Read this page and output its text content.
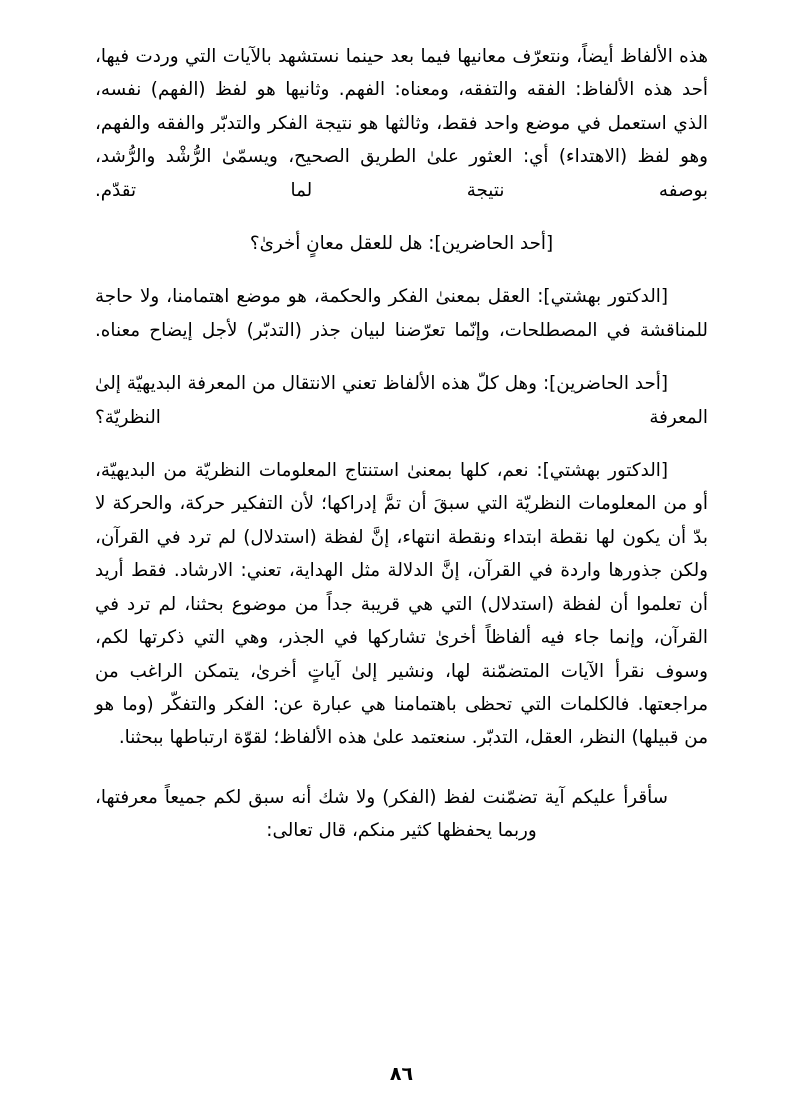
هذه الألفاظ أيضاً، ونتعرّف معانيها فيما بعد حينما نستشهد بالآيات التي وردت فيها، أحد هذه الألفاظ: الفقه والتفقه، ومعناه: الفهم. وثانيها هو لفظ (الفهم) نفسه، الذي استعمل في موضع واحد فقط، وثالثها هو نتيجة الفكر والتدبّر والفقه والفهم، وهو لفظ (الاهتداء) أي: العثور علىٰ الطريق الصحيح، ويسمّىٰ الرُّشْد والرُّشد، بوصفه نتيجة لما تقدّم.

[أحد الحاضرين]: هل للعقل معانٍ أخرىٰ؟

[الدكتور بهشتي]: العقل بمعنىٰ الفكر والحكمة، هو موضع اهتمامنا، ولا حاجة للمناقشة في المصطلحات، وإنّما تعرّضنا لبيان جذر (التدبّر) لأجل إيضاح معناه.

[أحد الحاضرين]: وهل كلّ هذه الألفاظ تعني الانتقال من المعرفة البديهيّة إلىٰ المعرفة النظريّة؟

[الدكتور بهشتي]: نعم، كلها بمعنىٰ استنتاج المعلومات النظريّة من البديهيّة، أو من المعلومات النظريّة التي سبقَ أن تمَّ إدراكها؛ لأن التفكير حركة، والحركة لا بدّ أن يكون لها نقطة ابتداء ونقطة انتهاء، إنَّ لفظة (استدلال) لم ترد في القرآن، ولكن جذورها واردة في القرآن، إنَّ الدلالة مثل الهداية، تعني: الارشاد. فقط أريد أن تعلموا أن لفظة (استدلال) التي هي قريبة جداً من موضوع بحثنا، لم ترد في القرآن، وإنما جاء فيه ألفاظاً أخرىٰ تشاركها في الجذر، وهي التي ذكرتها لكم، وسوف نقرأ الآيات المتضمّنة لها، ونشير إلىٰ آياتٍ أخرىٰ، يتمكن الراغب من مراجعتها. فالكلمات التي تحظى باهتمامنا هي عبارة عن: الفكر والتفكّر (وما هو من قبيلها) النظر، العقل، التدبّر. سنعتمد علىٰ هذه الألفاظ؛ لقوّة ارتباطها ببحثنا.

سأقرأ عليكم آية تضمّنت لفظ (الفكر) ولا شك أنه سبق لكم جميعاً معرفتها، وربما يحفظها كثير منكم، قال تعالى:

٨٦
